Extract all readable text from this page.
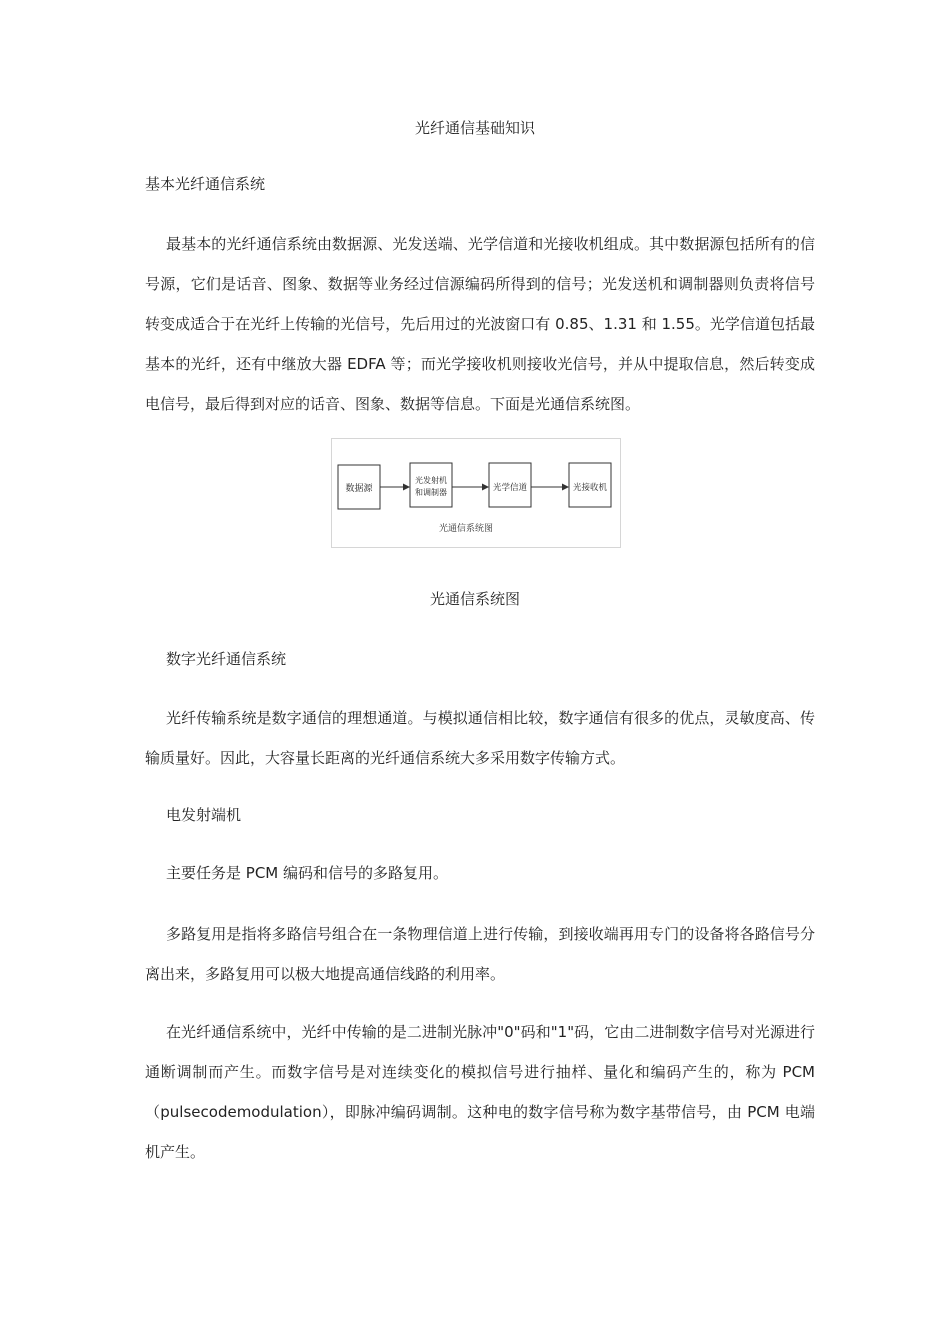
光纤通信基础知识
基本光纤通信系统

最基本的光纤通信系统由数据源、光发送端、光学信道和光接收机组成。其中数据源包括所有的信号源，它们是话音、图象、数据等业务经过信源编码所得到的信号；光发送机和调制器则负责将信号转变成适合于在光纤上传输的光信号，先后用过的光波窗口有 0.85、1.31 和 1.55。光学信道包括最基本的光纤，还有中继放大器 EDFA 等；而光学接收机则接收光信号，并从中提取信息，然后转变成电信号，最后得到对应的话音、图象、数据等信息。下面是光通信系统图。

数据源
光发射机
和调制器	光学信道	光接收机
光通信系统图
光通信系统图
数字光纤通信系统

光纤传输系统是数字通信的理想通道。与模拟通信相比较，数字通信有很多的优点，灵敏度高、传输质量好。因此，大容量长距离的光纤通信系统大多采用数字传输方式。

电发射端机
主要任务是 PCM 编码和信号的多路复用。

多路复用是指将多路信号组合在一条物理信道上进行传输，到接收端再用专门的设备将各路信号分离出来，多路复用可以极大地提高通信线路的利用率。

在光纤通信系统中，光纤中传输的是二进制光脉冲"0"码和"1"码，它由二进制数字信号对光源进行通断调制而产生。而数字信号是对连续变化的模拟信号进行抽样、量化和编码产生的，称为 PCM（pulsecodemodulation），即脉冲编码调制。这种电的数字信号称为数字基带信号，由 PCM 电端机产生。
